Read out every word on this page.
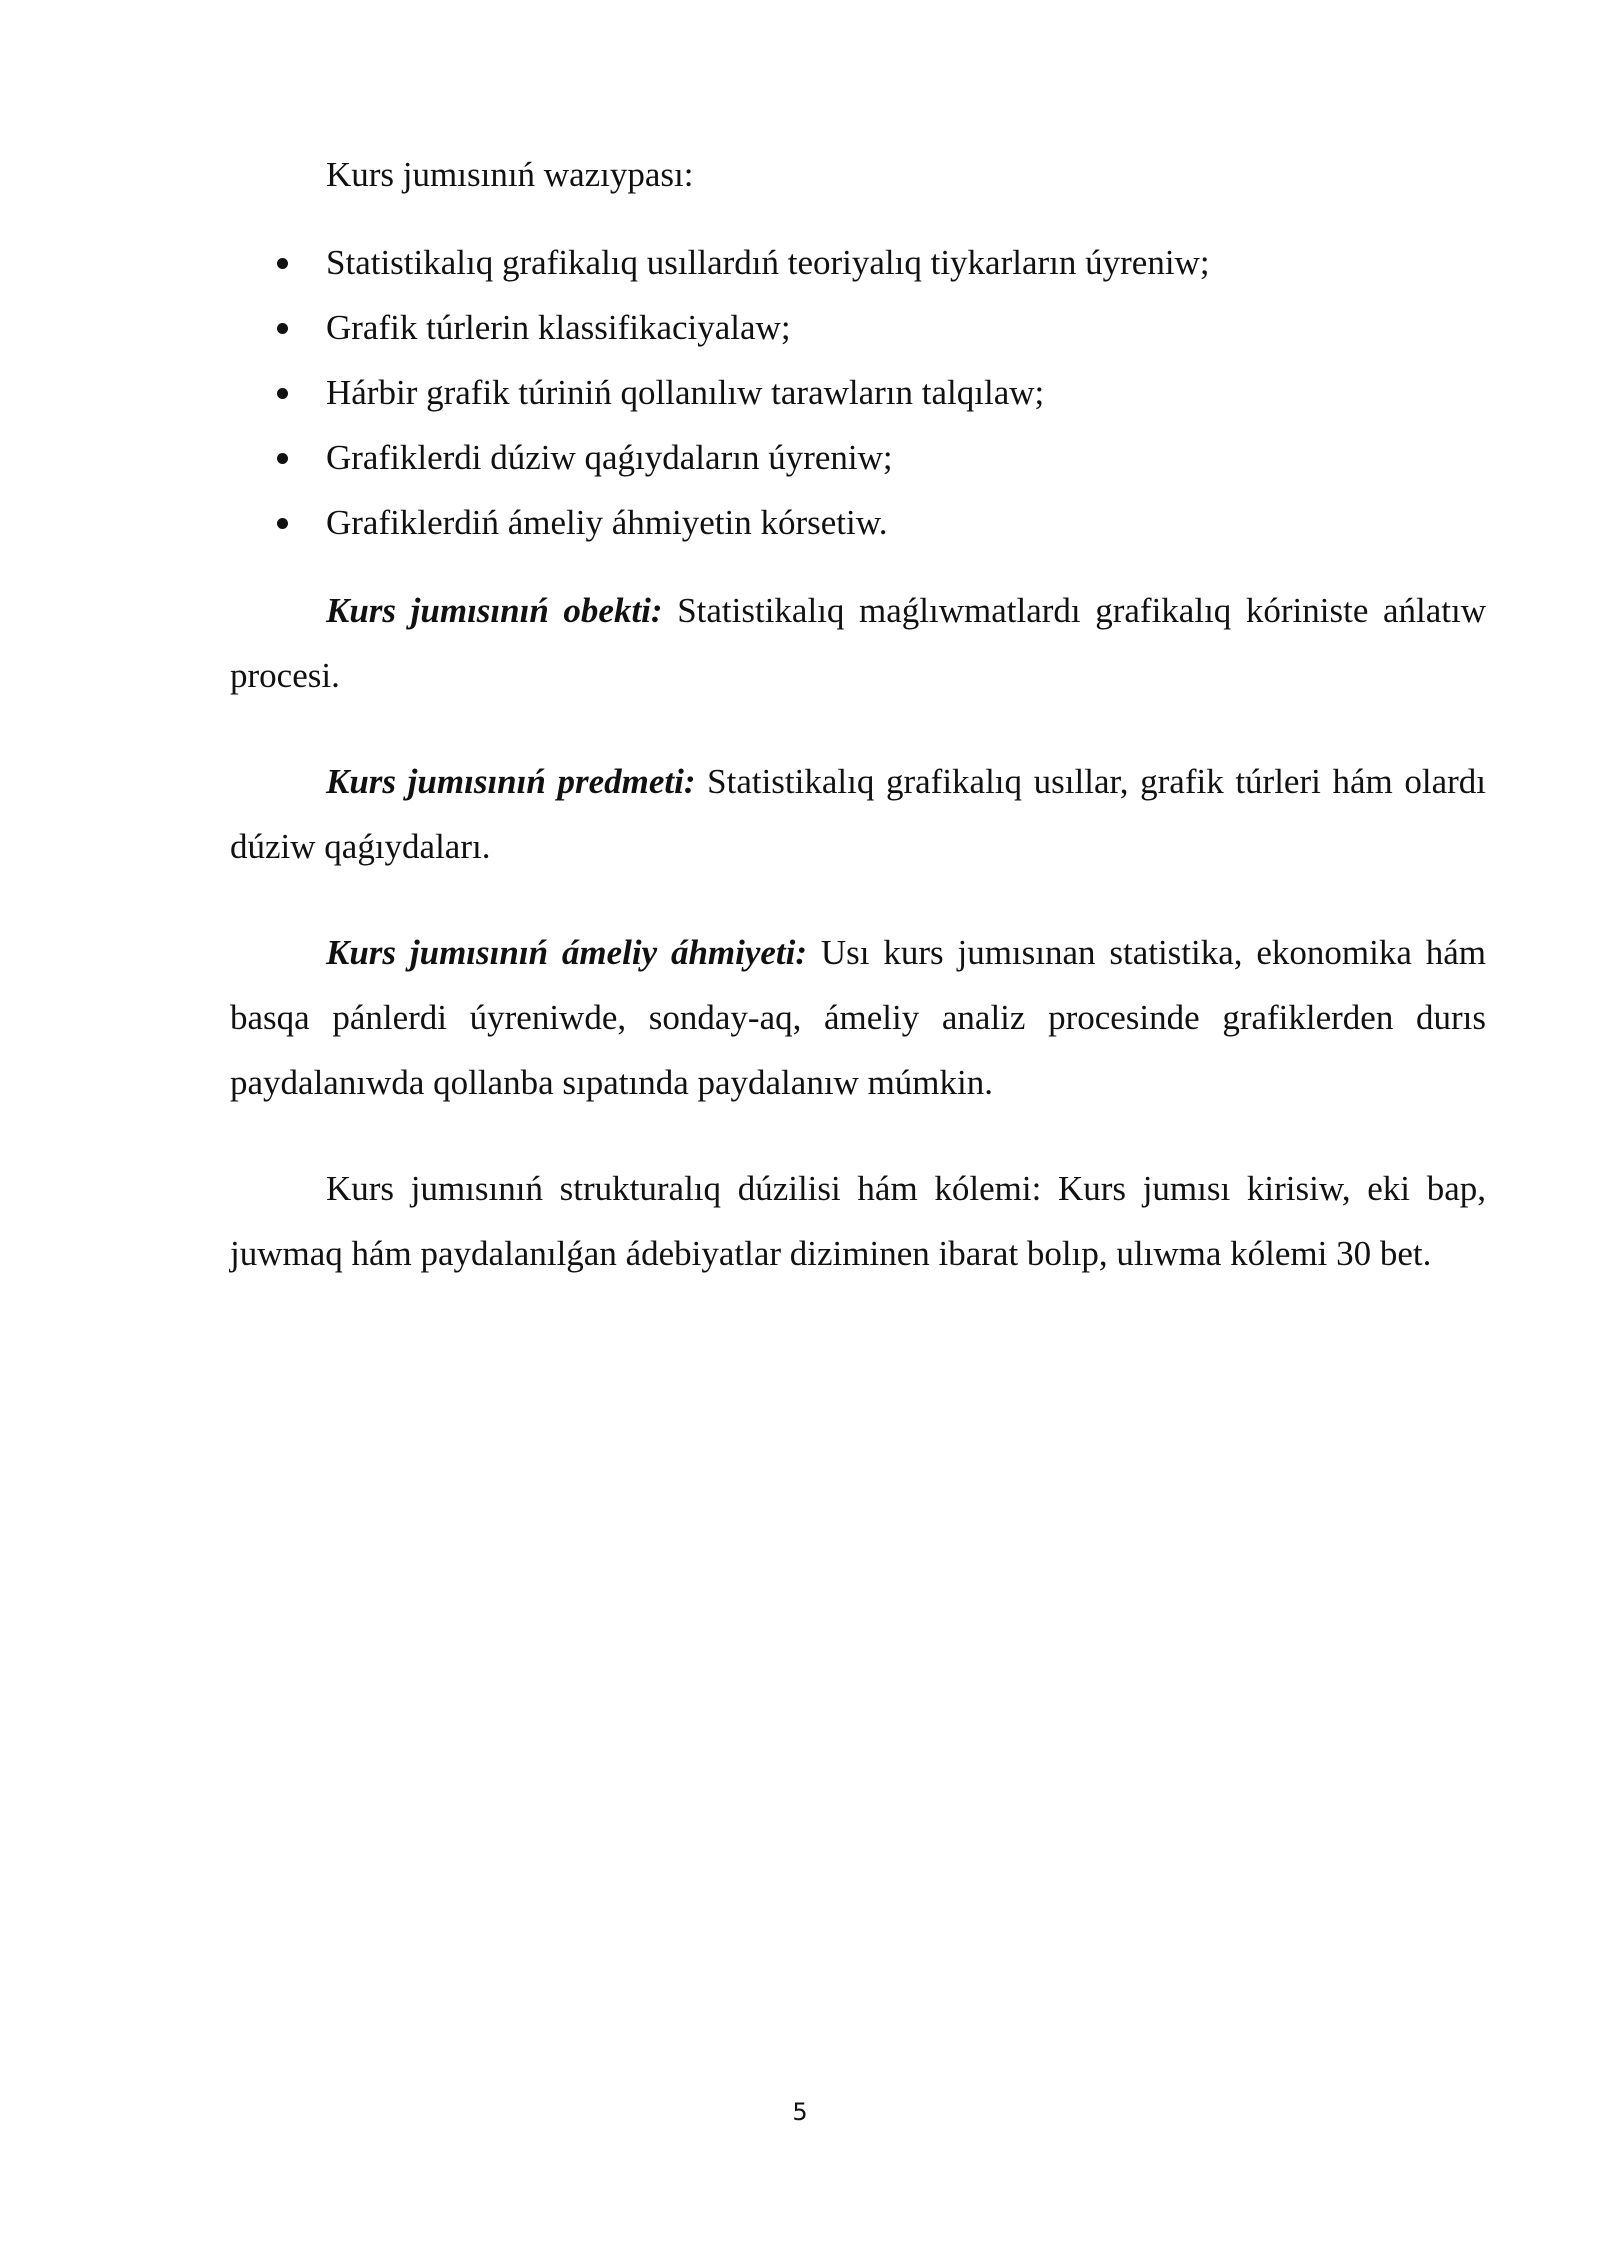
Kurs jumısınıń wazıypası:

Statistikalıq grafikalıq usıllardıń teoriyalıq tiykarların úyreniw;
Grafik túrlerin klassifikaciyalaw;
Hárbir grafik túriniń qollanılıw tarawların talqılaw;
Grafiklerdi dúziw qaǵıydaların úyreniw;
Grafiklerdiń ámeliy áhmiyetin kórsetiw.

Kurs jumısınıń obekti: Statistikalıq maǵlıwmatlardı grafikalıq kóriniste ańlatıw procesi.

Kurs jumısınıń predmeti: Statistikalıq grafikalıq usıllar, grafik túrleri hám olardı dúziw qaǵıydaları.

Kurs jumısınıń ámeliy áhmiyeti: Usı kurs jumısınan statistika, ekonomika hám basqa pánlerdi úyreniwde, sonday-aq, ámeliy analiz procesinde grafiklerden durıs paydalanıwda qollanba sıpatında paydalanıw múmkin.

Kurs jumısınıń strukturalıq dúzilisi hám kólemi: Kurs jumısı kirisiw, eki bap, juwmaq hám paydalanılǵan ádebiyatlar diziminen ibarat bolıp, ulıwma kólemi 30 bet.

5
